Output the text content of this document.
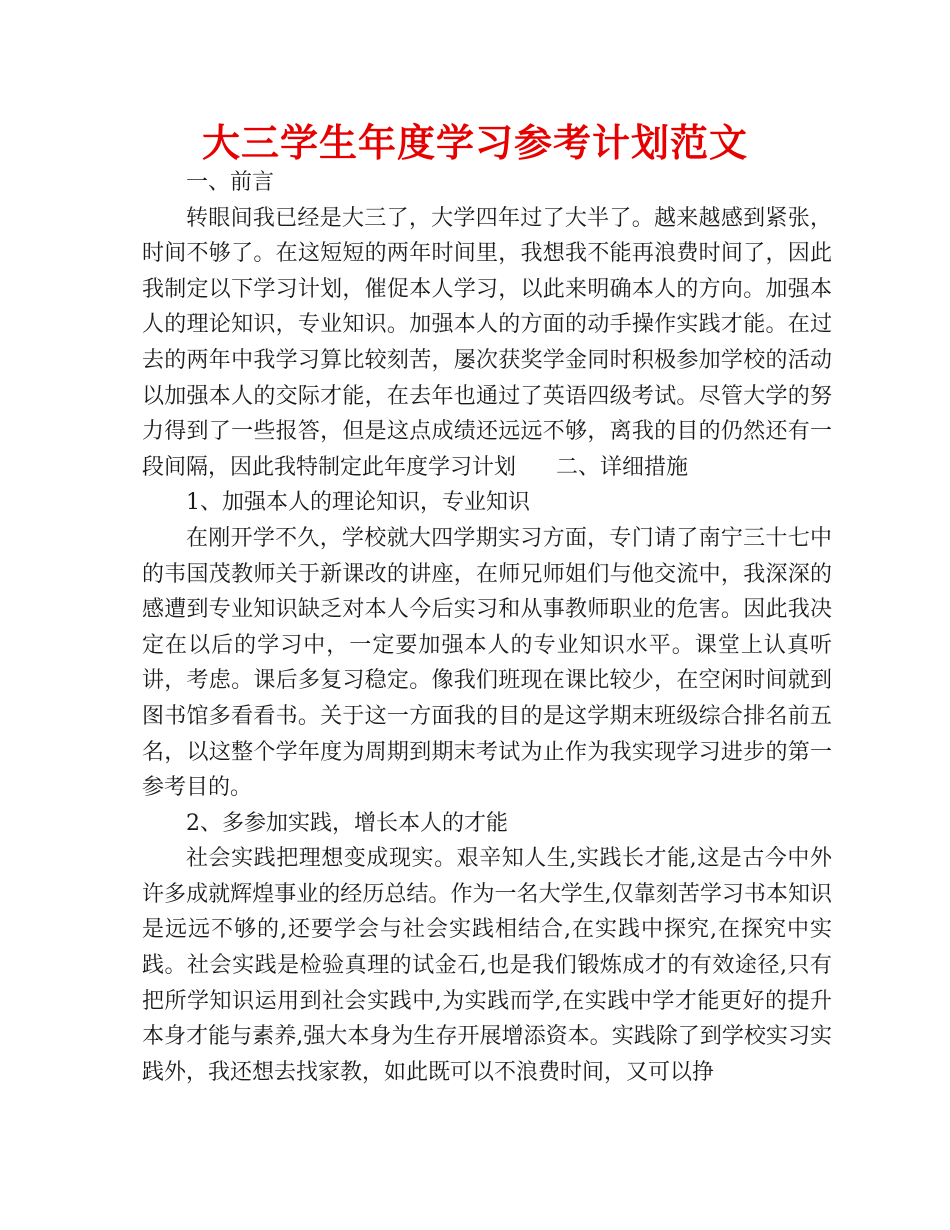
大三学生年度学习参考计划范文

一、前言

转眼间我已经是大三了，大学四年过了大半了。越来越感到紧张，时间不够了。在这短短的两年时间里，我想我不能再浪费时间了，因此我制定以下学习计划，催促本人学习，以此来明确本人的方向。加强本人的理论知识，专业知识。加强本人的方面的动手操作实践才能。在过去的两年中我学习算比较刻苦，屡次获奖学金同时积极参加学校的活动以加强本人的交际才能，在去年也通过了英语四级考试。尽管大学的努力得到了一些报答，但是这点成绩还远远不够，离我的目的仍然还有一段间隔，因此我特制定此年度学习计划 二、详细措施

1、加强本人的理论知识，专业知识

在刚开学不久，学校就大四学期实习方面，专门请了南宁三十七中的韦国茂教师关于新课改的讲座，在师兄师姐们与他交流中，我深深的感遭到专业知识缺乏对本人今后实习和从事教师职业的危害。因此我决定在以后的学习中，一定要加强本人的专业知识水平。课堂上认真听讲，考虑。课后多复习稳定。像我们班现在课比较少，在空闲时间就到图书馆多看看书。关于这一方面我的目的是这学期末班级综合排名前五名，以这整个学年度为周期到期末考试为止作为我实现学习进步的第一参考目的。

2、多参加实践，增长本人的才能

社会实践把理想变成现实。艰辛知人生,实践长才能,这是古今中外许多成就辉煌事业的经历总结。作为一名大学生,仅靠刻苦学习书本知识是远远不够的,还要学会与社会实践相结合,在实践中探究,在探究中实践。社会实践是检验真理的试金石,也是我们锻炼成才的有效途径,只有把所学知识运用到社会实践中,为实践而学,在实践中学才能更好的提升本身才能与素养,强大本身为生存开展增添资本。实践除了到学校实习实践外，我还想去找家教，如此既可以不浪费时间，又可以挣
